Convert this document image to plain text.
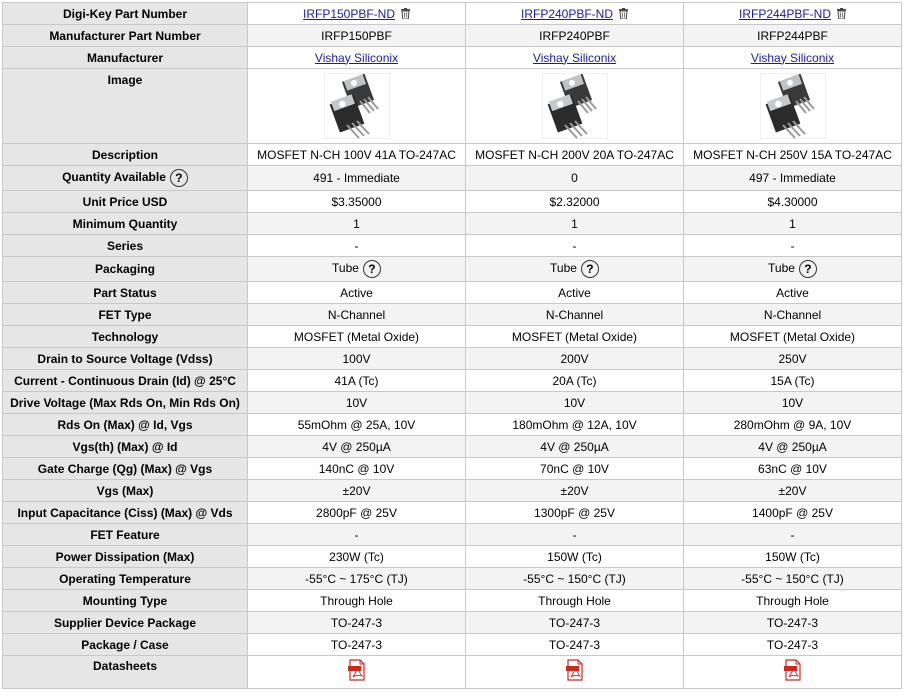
Digi-Key Part Number	IRFP150PBF-ND	IRFP240PBF-ND	IRFP244PBF-ND
Manufacturer Part Number	IRFP150PBF	IRFP240PBF	IRFP244PBF
Manufacturer	Vishay Siliconix	Vishay Siliconix	Vishay Siliconix
Image			
Description	MOSFET N-CH 100V 41A TO-247AC	MOSFET N-CH 200V 20A TO-247AC	MOSFET N-CH 250V 15A TO-247AC
Quantity Available ?	491 - Immediate	0	497 - Immediate
Unit Price USD	$3.35000	$2.32000	$4.30000
Minimum Quantity	1	1	1
Series	-	-	-
Packaging	Tube ?	Tube ?	Tube ?
Part Status	Active	Active	Active
FET Type	N-Channel	N-Channel	N-Channel
Technology	MOSFET (Metal Oxide)	MOSFET (Metal Oxide)	MOSFET (Metal Oxide)
Drain to Source Voltage (Vdss)	100V	200V	250V
Current - Continuous Drain (Id) @ 25°C	41A (Tc)	20A (Tc)	15A (Tc)
Drive Voltage (Max Rds On, Min Rds On)	10V	10V	10V
Rds On (Max) @ Id, Vgs	55mOhm @ 25A, 10V	180mOhm @ 12A, 10V	280mOhm @ 9A, 10V
Vgs(th) (Max) @ Id	4V @ 250µA	4V @ 250µA	4V @ 250µA
Gate Charge (Qg) (Max) @ Vgs	140nC @ 10V	70nC @ 10V	63nC @ 10V
Vgs (Max)	±20V	±20V	±20V
Input Capacitance (Ciss) (Max) @ Vds	2800pF @ 25V	1300pF @ 25V	1400pF @ 25V
FET Feature	-	-	-
Power Dissipation (Max)	230W (Tc)	150W (Tc)	150W (Tc)
Operating Temperature	-55°C ~ 175°C (TJ)	-55°C ~ 150°C (TJ)	-55°C ~ 150°C (TJ)
Mounting Type	Through Hole	Through Hole	Through Hole
Supplier Device Package	TO-247-3	TO-247-3	TO-247-3
Package / Case	TO-247-3	TO-247-3	TO-247-3
Datasheets			
